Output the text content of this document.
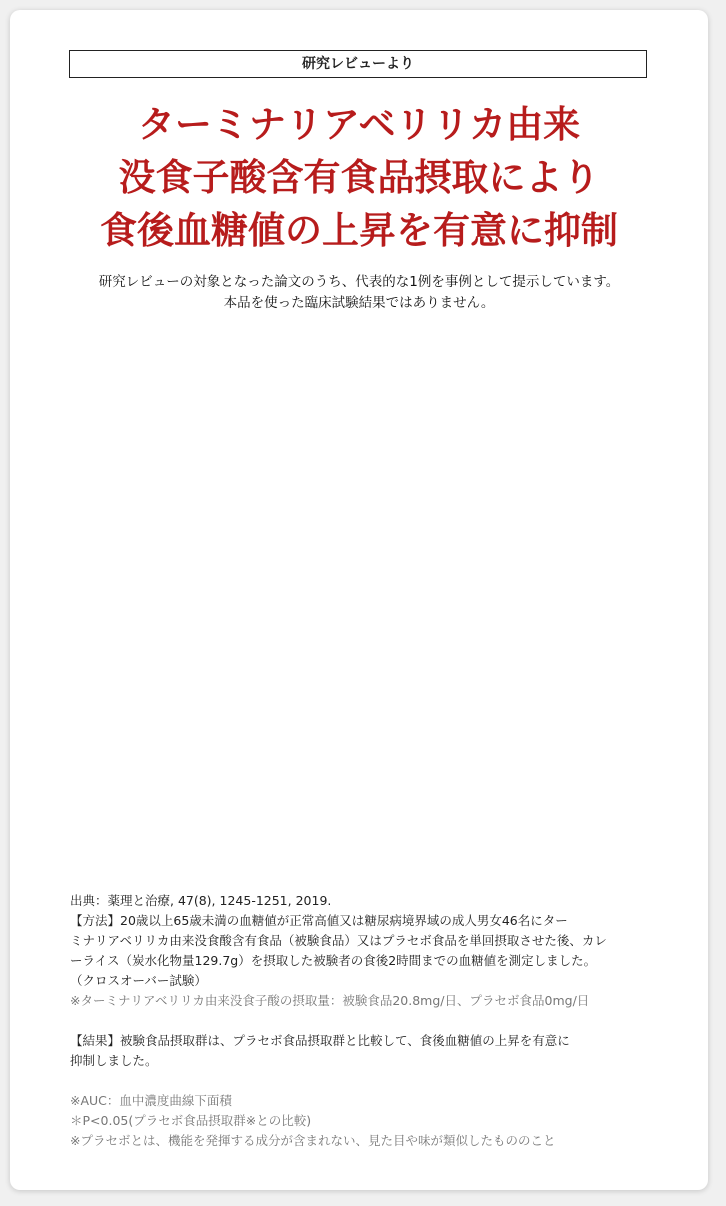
研究レビューより
ターミナリアベリリカ由来
没食子酸含有食品摂取により
食後血糖値の上昇を有意に抑制
研究レビューの対象となった論文のうち、代表的な1例を事例として提示しています。
本品を使った臨床試験結果ではありません。
出典：薬理と治療, 47(8), 1245-1251, 2019.
【方法】20歳以上65歳未満の血糖値が正常高値又は糖尿病境界域の成人男女46名にター
ミナリアベリリカ由来没食酸含有食品（被験食品）又はプラセボ食品を単回摂取させた後、カレ
ーライス（炭水化物量129.7g）を摂取した被験者の食後2時間までの血糖値を測定しました。
（クロスオーバー試験）
※ターミナリアベリリカ由来没食子酸の摂取量：被験食品20.8mg/日、プラセボ食品0mg/日
【結果】被験食品摂取群は、プラセボ食品摂取群と比較して、食後血糖値の上昇を有意に
抑制しました。
※AUC：血中濃度曲線下面積
＊P<0.05(プラセボ食品摂取群※との比較)
※プラセボとは、機能を発揮する成分が含まれない、見た目や味が類似したもののこと
